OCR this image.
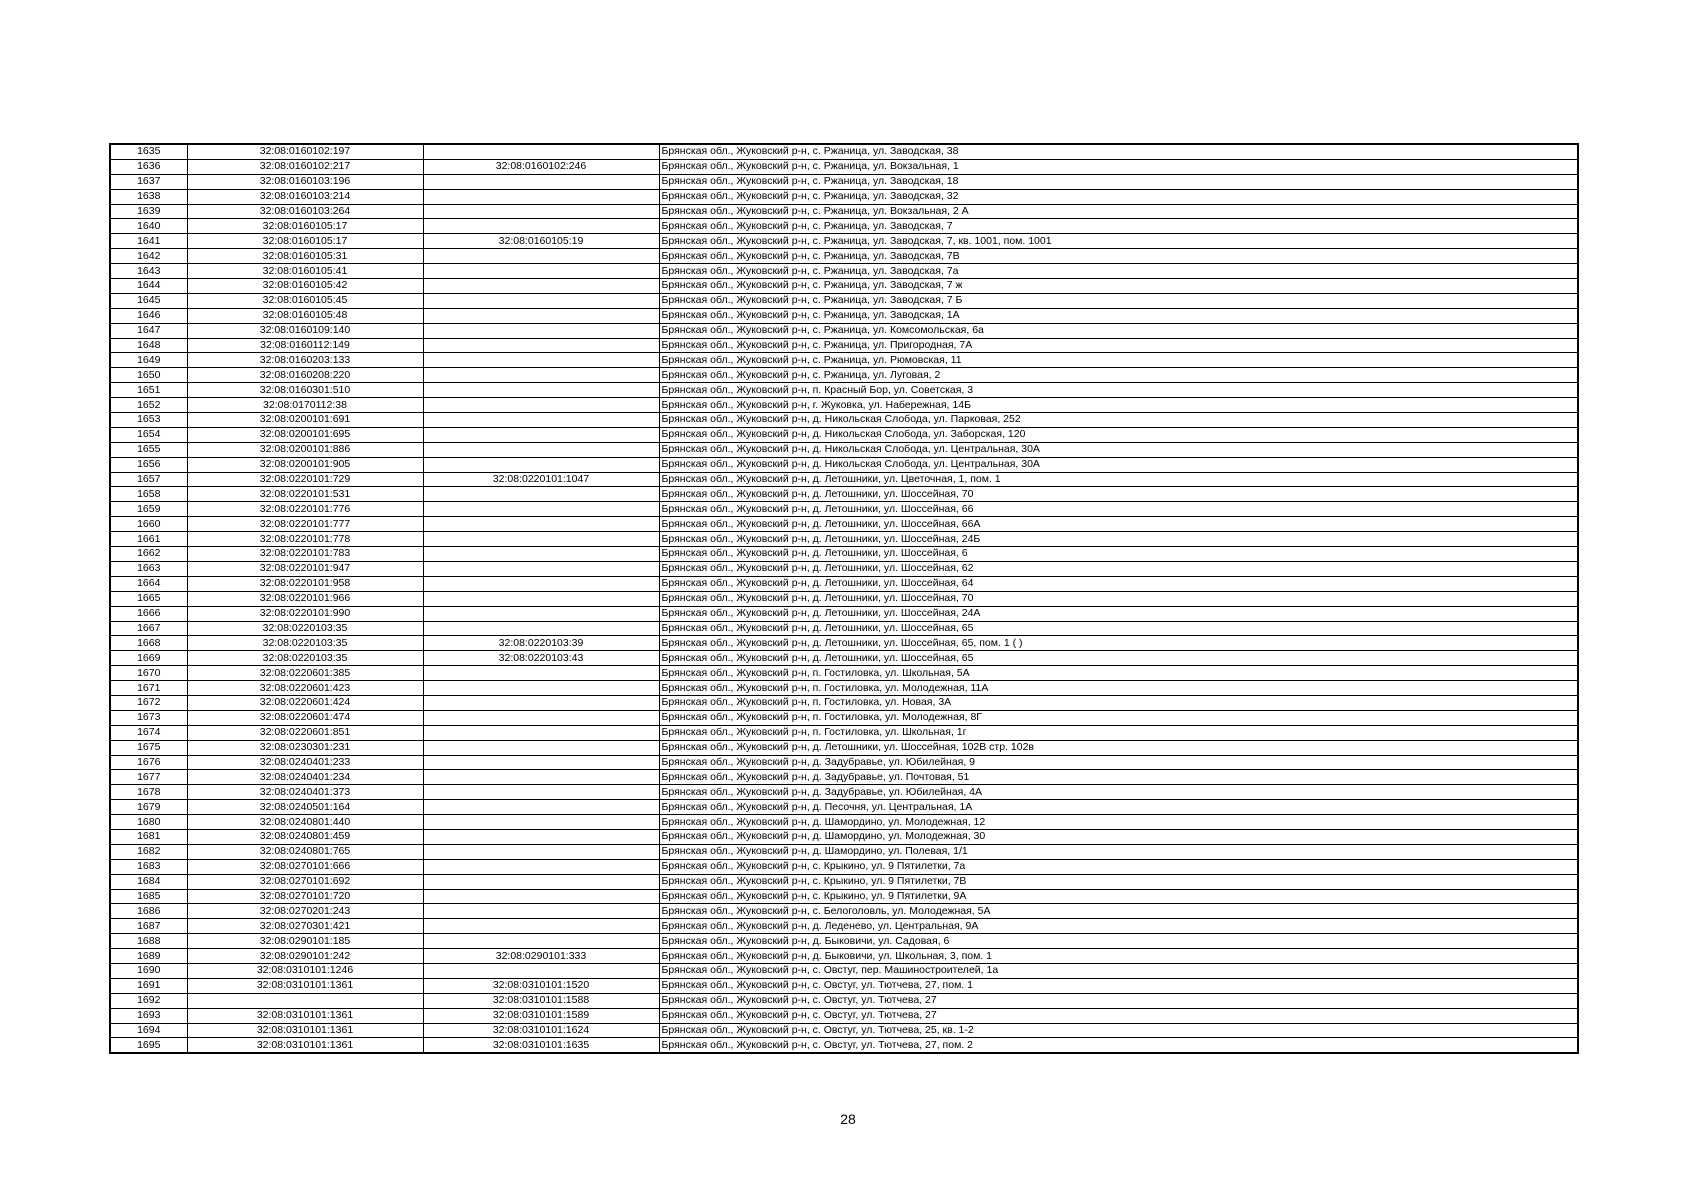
1635	32:08:0160102:197		Брянская обл., Жуковский р-н, с. Ржаница, ул. Заводская, 38
1636	32:08:0160102:217	32:08:0160102:246	Брянская обл., Жуковский р-н, с. Ржаница, ул. Вокзальная, 1
1637	32:08:0160103:196		Брянская обл., Жуковский р-н, с. Ржаница, ул. Заводская, 18
1638	32:08:0160103:214		Брянская обл., Жуковский р-н, с. Ржаница, ул. Заводская, 32
1639	32:08:0160103:264		Брянская обл., Жуковский р-н, с. Ржаница, ул. Вокзальная, 2 А
1640	32:08:0160105:17		Брянская обл., Жуковский р-н, с. Ржаница, ул. Заводская, 7
1641	32:08:0160105:17	32:08:0160105:19	Брянская обл., Жуковский р-н, с. Ржаница, ул. Заводская, 7, кв. 1001, пом. 1001
1642	32:08:0160105:31		Брянская обл., Жуковский р-н, с. Ржаница, ул. Заводская, 7В
1643	32:08:0160105:41		Брянская обл., Жуковский р-н, с. Ржаница, ул. Заводская, 7а
1644	32:08:0160105:42		Брянская обл., Жуковский р-н, с. Ржаница, ул. Заводская, 7 ж
1645	32:08:0160105:45		Брянская обл., Жуковский р-н, с. Ржаница, ул. Заводская, 7 Б
1646	32:08:0160105:48		Брянская обл., Жуковский р-н, с. Ржаница, ул. Заводская, 1А
1647	32:08:0160109:140		Брянская обл., Жуковский р-н, с. Ржаница, ул. Комсомольская, 6а
1648	32:08:0160112:149		Брянская обл., Жуковский р-н, с. Ржаница, ул. Пригородная, 7А
1649	32:08:0160203:133		Брянская обл., Жуковский р-н, с. Ржаница, ул. Рюмовская, 11
1650	32:08:0160208:220		Брянская обл., Жуковский р-н, с. Ржаница, ул. Луговая, 2
1651	32:08:0160301:510		Брянская обл., Жуковский р-н, п. Красный Бор, ул. Советская, 3
1652	32:08:0170112:38		Брянская обл., Жуковский р-н, г. Жуковка, ул. Набережная, 14Б
1653	32:08:0200101:691		Брянская обл., Жуковский р-н, д. Никольская Слобода, ул. Парковая, 252
1654	32:08:0200101:695		Брянская обл., Жуковский р-н, д. Никольская Слобода, ул. Заборская, 120
1655	32:08:0200101:886		Брянская обл., Жуковский р-н, д. Никольская Слобода, ул. Центральная, 30А
1656	32:08:0200101:905		Брянская обл., Жуковский р-н, д. Никольская Слобода, ул. Центральная, 30А
1657	32:08:0220101:729	32:08:0220101:1047	Брянская обл., Жуковский р-н, д. Летошники, ул. Цветочная, 1, пом. 1
1658	32:08:0220101:531		Брянская обл., Жуковский р-н, д. Летошники, ул. Шоссейная, 70
1659	32:08:0220101:776		Брянская обл., Жуковский р-н, д. Летошники, ул. Шоссейная, 66
1660	32:08:0220101:777		Брянская обл., Жуковский р-н, д. Летошники, ул. Шоссейная, 66А
1661	32:08:0220101:778		Брянская обл., Жуковский р-н, д. Летошники, ул. Шоссейная, 24Б
1662	32:08:0220101:783		Брянская обл., Жуковский р-н, д. Летошники, ул. Шоссейная, 6
1663	32:08:0220101:947		Брянская обл., Жуковский р-н, д. Летошники, ул. Шоссейная, 62
1664	32:08:0220101:958		Брянская обл., Жуковский р-н, д. Летошники, ул. Шоссейная, 64
1665	32:08:0220101:966		Брянская обл., Жуковский р-н, д. Летошники, ул. Шоссейная, 70
1666	32:08:0220101:990		Брянская обл., Жуковский р-н, д. Летошники, ул. Шоссейная, 24А
1667	32:08:0220103:35		Брянская обл., Жуковский р-н, д. Летошники, ул. Шоссейная, 65
1668	32:08:0220103:35	32:08:0220103:39	Брянская обл., Жуковский р-н, д. Летошники, ул. Шоссейная, 65, пом. 1 ( )
1669	32:08:0220103:35	32:08:0220103:43	Брянская обл., Жуковский р-н, д. Летошники, ул. Шоссейная, 65
1670	32:08:0220601:385		Брянская обл., Жуковский р-н, п. Гостиловка, ул. Школьная, 5А
1671	32:08:0220601:423		Брянская обл., Жуковский р-н, п. Гостиловка, ул. Молодежная, 11А
1672	32:08:0220601:424		Брянская обл., Жуковский р-н, п. Гостиловка, ул. Новая, 3А
1673	32:08:0220601:474		Брянская обл., Жуковский р-н, п. Гостиловка, ул. Молодежная, 8Г
1674	32:08:0220601:851		Брянская обл., Жуковский р-н, п. Гостиловка, ул. Школьная, 1г
1675	32:08:0230301:231		Брянская обл., Жуковский р-н, д. Летошники, ул. Шоссейная, 102В стр. 102в
1676	32:08:0240401:233		Брянская обл., Жуковский р-н, д. Задубравье, ул. Юбилейная, 9
1677	32:08:0240401:234		Брянская обл., Жуковский р-н, д. Задубравье, ул. Почтовая, 51
1678	32:08:0240401:373		Брянская обл., Жуковский р-н, д. Задубравье, ул. Юбилейная, 4А
1679	32:08:0240501:164		Брянская обл., Жуковский р-н, д. Песочня, ул. Центральная, 1А
1680	32:08:0240801:440		Брянская обл., Жуковский р-н, д. Шамордино, ул. Молодежная, 12
1681	32:08:0240801:459		Брянская обл., Жуковский р-н, д. Шамордино, ул. Молодежная, 30
1682	32:08:0240801:765		Брянская обл., Жуковский р-н, д. Шамордино, ул. Полевая, 1/1
1683	32:08:0270101:666		Брянская обл., Жуковский р-н, с. Крыкино, ул. 9 Пятилетки, 7а
1684	32:08:0270101:692		Брянская обл., Жуковский р-н, с. Крыкино, ул. 9 Пятилетки, 7В
1685	32:08:0270101:720		Брянская обл., Жуковский р-н, с. Крыкино, ул. 9 Пятилетки, 9А
1686	32:08:0270201:243		Брянская обл., Жуковский р-н, с. Белоголовль, ул. Молодежная, 5А
1687	32:08:0270301:421		Брянская обл., Жуковский р-н, д. Леденево, ул. Центральная, 9А
1688	32:08:0290101:185		Брянская обл., Жуковский р-н, д. Быковичи, ул. Садовая, 6
1689	32:08:0290101:242	32:08:0290101:333	Брянская обл., Жуковский р-н, д. Быковичи, ул. Школьная, 3, пом. 1
1690	32:08:0310101:1246		Брянская обл., Жуковский р-н, с. Овстуг, пер. Машиностроителей, 1а
1691	32:08:0310101:1361	32:08:0310101:1520	Брянская обл., Жуковский р-н, с. Овстуг, ул. Тютчева, 27, пом. 1
1692		32:08:0310101:1588	Брянская обл., Жуковский р-н, с. Овстуг, ул. Тютчева, 27
1693	32:08:0310101:1361	32:08:0310101:1589	Брянская обл., Жуковский р-н, с. Овстуг, ул. Тютчева, 27
1694	32:08:0310101:1361	32:08:0310101:1624	Брянская обл., Жуковский р-н, с. Овстуг, ул. Тютчева, 25, кв. 1-2
1695	32:08:0310101:1361	32:08:0310101:1635	Брянская обл., Жуковский р-н, с. Овстуг, ул. Тютчева, 27, пом. 2
28
